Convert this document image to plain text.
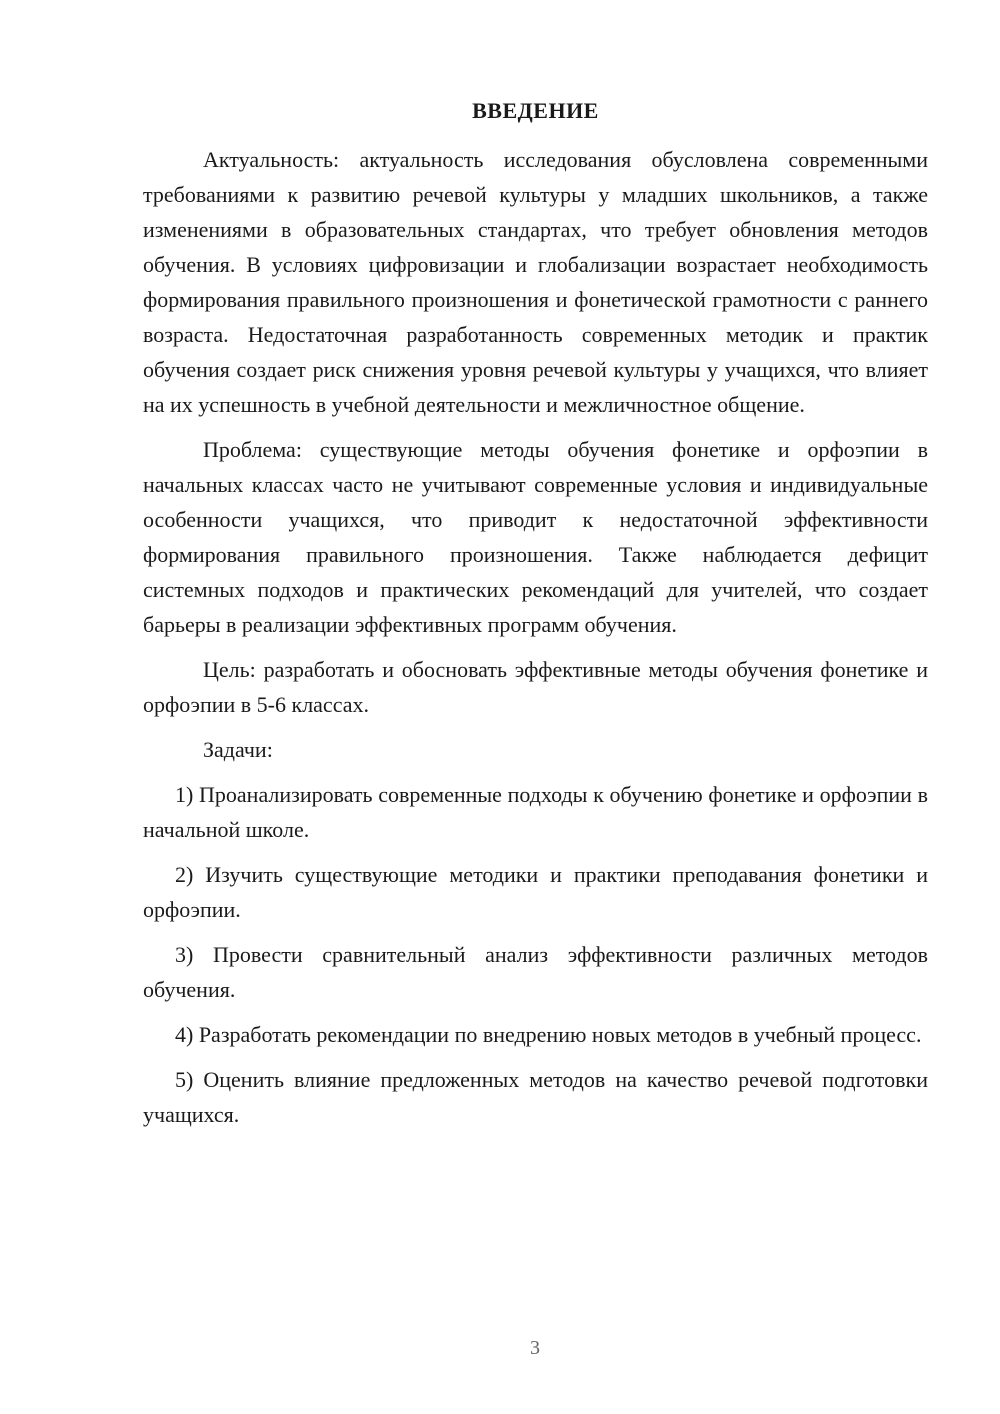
ВВЕДЕНИЕ

Актуальность: актуальность исследования обусловлена современными требованиями к развитию речевой культуры у младших школьников, а также изменениями в образовательных стандартах, что требует обновления методов обучения. В условиях цифровизации и глобализации возрастает необходимость формирования правильного произношения и фонетической грамотности с раннего возраста. Недостаточная разработанность современных методик и практик обучения создает риск снижения уровня речевой культуры у учащихся, что влияет на их успешность в учебной деятельности и межличностное общение.

Проблема: существующие методы обучения фонетике и орфоэпии в начальных классах часто не учитывают современные условия и индивидуальные особенности учащихся, что приводит к недостаточной эффективности формирования правильного произношения. Также наблюдается дефицит системных подходов и практических рекомендаций для учителей, что создает барьеры в реализации эффективных программ обучения.

Цель: разработать и обосновать эффективные методы обучения фонетике и орфоэпии в 5-6 классах.

Задачи:

1) Проанализировать современные подходы к обучению фонетике и орфоэпии в начальной школе.

2) Изучить существующие методики и практики преподавания фонетики и орфоэпии.

3) Провести сравнительный анализ эффективности различных методов обучения.

4) Разработать рекомендации по внедрению новых методов в учебный процесс.

5) Оценить влияние предложенных методов на качество речевой подготовки учащихся.

3
